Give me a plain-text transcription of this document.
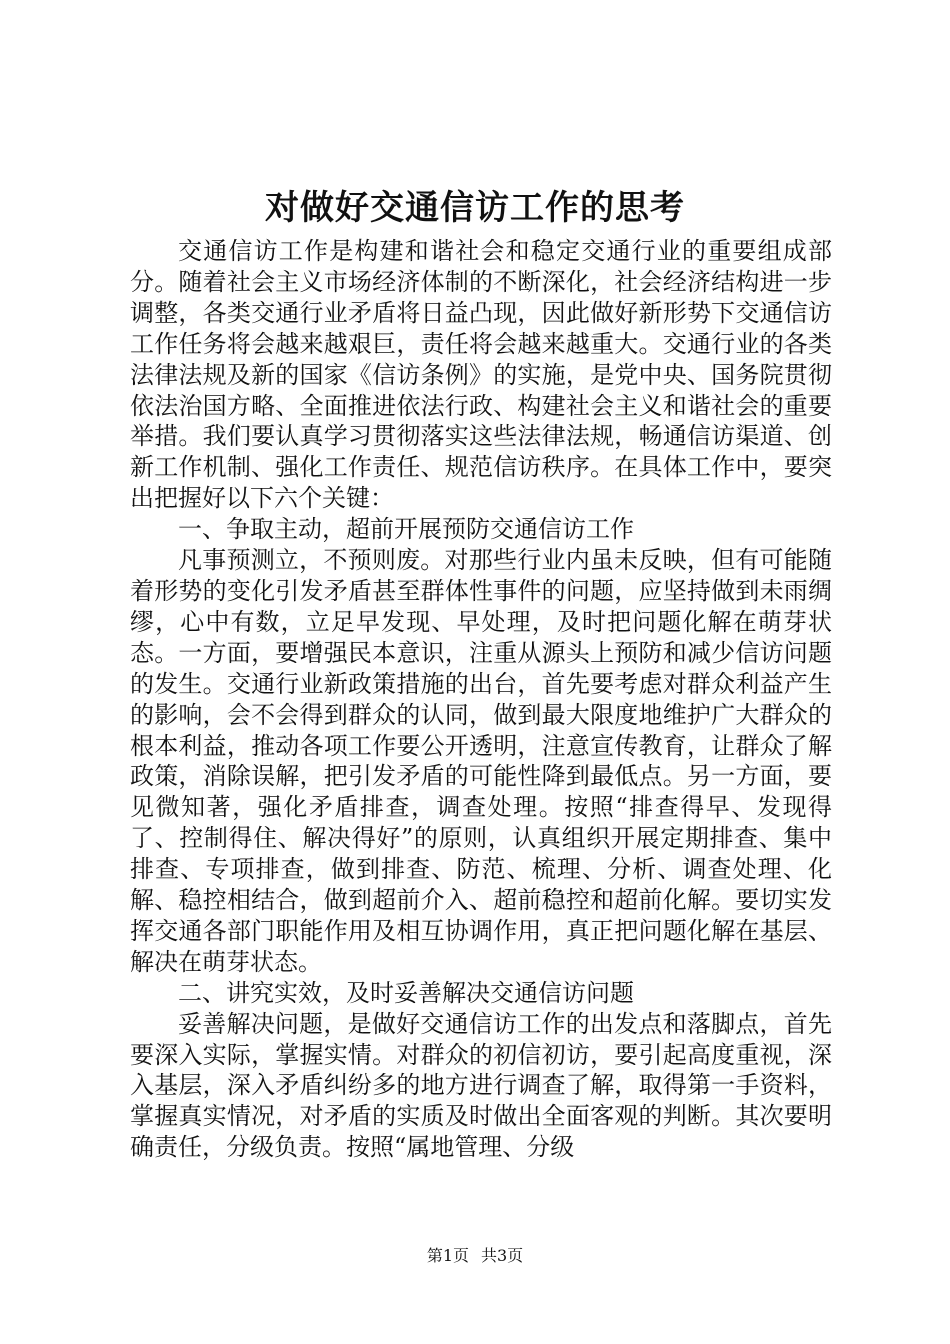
对做好交通信访工作的思考

交通信访工作是构建和谐社会和稳定交通行业的重要组成部分。随着社会主义市场经济体制的不断深化，社会经济结构进一步调整，各类交通行业矛盾将日益凸现，因此做好新形势下交通信访工作任务将会越来越艰巨，责任将会越来越重大。交通行业的各类法律法规及新的国家《信访条例》的实施，是党中央、国务院贯彻依法治国方略、全面推进依法行政、构建社会主义和谐社会的重要举措。我们要认真学习贯彻落实这些法律法规，畅通信访渠道、创新工作机制、强化工作责任、规范信访秩序。在具体工作中，要突出把握好以下六个关键：

一、争取主动，超前开展预防交通信访工作

凡事预测立，不预则废。对那些行业内虽未反映，但有可能随着形势的变化引发矛盾甚至群体性事件的问题，应坚持做到未雨绸缪，心中有数，立足早发现、早处理，及时把问题化解在萌芽状态。一方面，要增强民本意识，注重从源头上预防和减少信访问题的发生。交通行业新政策措施的出台，首先要考虑对群众利益产生的影响，会不会得到群众的认同，做到最大限度地维护广大群众的根本利益，推动各项工作要公开透明，注意宣传教育，让群众了解政策，消除误解，把引发矛盾的可能性降到最低点。另一方面，要见微知著，强化矛盾排查，调查处理。按照“排查得早、发现得了、控制得住、解决得好”的原则，认真组织开展定期排查、集中排查、专项排查，做到排查、防范、梳理、分析、调查处理、化解、稳控相结合，做到超前介入、超前稳控和超前化解。要切实发挥交通各部门职能作用及相互协调作用，真正把问题化解在基层、解决在萌芽状态。

二、讲究实效，及时妥善解决交通信访问题

妥善解决问题，是做好交通信访工作的出发点和落脚点，首先要深入实际，掌握实情。对群众的初信初访，要引起高度重视，深入基层，深入矛盾纠纷多的地方进行调查了解，取得第一手资料，掌握真实情况，对矛盾的实质及时做出全面客观的判断。其次要明确责任，分级负责。按照“属地管理、分级

第1页 共3页
